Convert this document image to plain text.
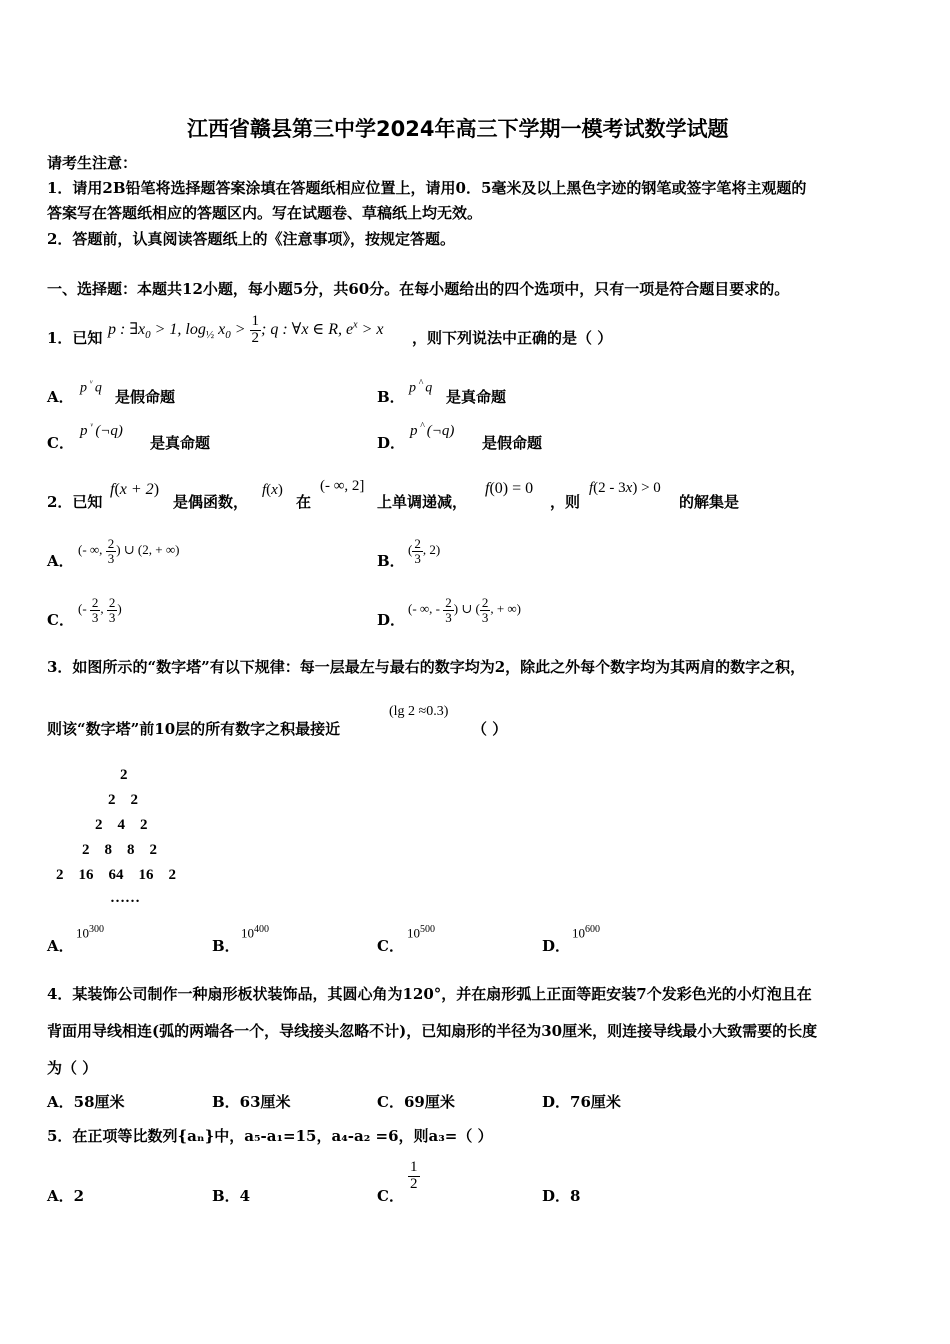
江西省赣县第三中学2024年高三下学期一模考试数学试题
请考生注意：
1．请用2B铅笔将选择题答案涂填在答题纸相应位置上，请用0．5毫米及以上黑色字迹的钢笔或签字笔将主观题的
答案写在答题纸相应的答题区内。写在试题卷、草稿纸上均无效。
2．答题前，认真阅读答题纸上的《注意事项》，按规定答题。
一、选择题：本题共12小题，每小题5分，共60分。在每小题给出的四个选项中，只有一项是符合题目要求的。
1．已知 p : $\exists x_0 > 1$, $\log_{\frac{1}{2}} x_0 > \frac{1}{2}$ ; q : ∀x ∈ R, $e^x > x$ ，则下列说法中正确的是（ ）
A． p $^ᵛ$ q 是假命题	B． p ^ q 是真命题
C．
p $^ᵛ$ (¬q)
是真命题	D．
p ^ (¬q)
是假命题
2．已知
f(x + 2)
是偶函数，
f(x)
在
(- ∞, 2]
上单调递减，
f(0) = 0
，则
f(2 - 3x) > 0
的解集是
A．
(- ∞, $\frac{2}{3}$ ) ∪ (2, + ∞)
B．
( $\frac{2}{3}$ , 2)
C．
(- $\frac{2}{3}$ , $\frac{2}{3}$ )
D．
(- ∞, - $\frac{2}{3}$ ) ∪ ( $\frac{2}{3}$ , + ∞)
3．如图所示的“数字塔”有以下规律：每一层最左与最右的数字均为2，除此之外每个数字均为其两肩的数字之积，
则该“数字塔”前10层的所有数字之积最接近
(lg 2 ≈0.3)
（ ）
2
2    2
2    4    2
2    8    8    2
2    16    64    16    2
……
A．
$10^{300}$
B．
$10^{400}$
C．
$10^{500}$
D．
$10^{600}$
4．某装饰公司制作一种扇形板状装饰品，其圆心角为120°，并在扇形弧上正面等距安装7个发彩色光的小灯泡且在
背面用导线相连(弧的两端各一个，导线接头忽略不计)，已知扇形的半径为30厘米，则连接导线最小大致需要的长度
为（ ）
A．58厘米	B．63厘米	C．69厘米	D．76厘米
5．在正项等比数列{aₙ}中，a₅-a₁=15，a₄-a₂ =6，则a₃=（ ）
A．2	B．4	C．
$\frac{1}{2}$
D．8
